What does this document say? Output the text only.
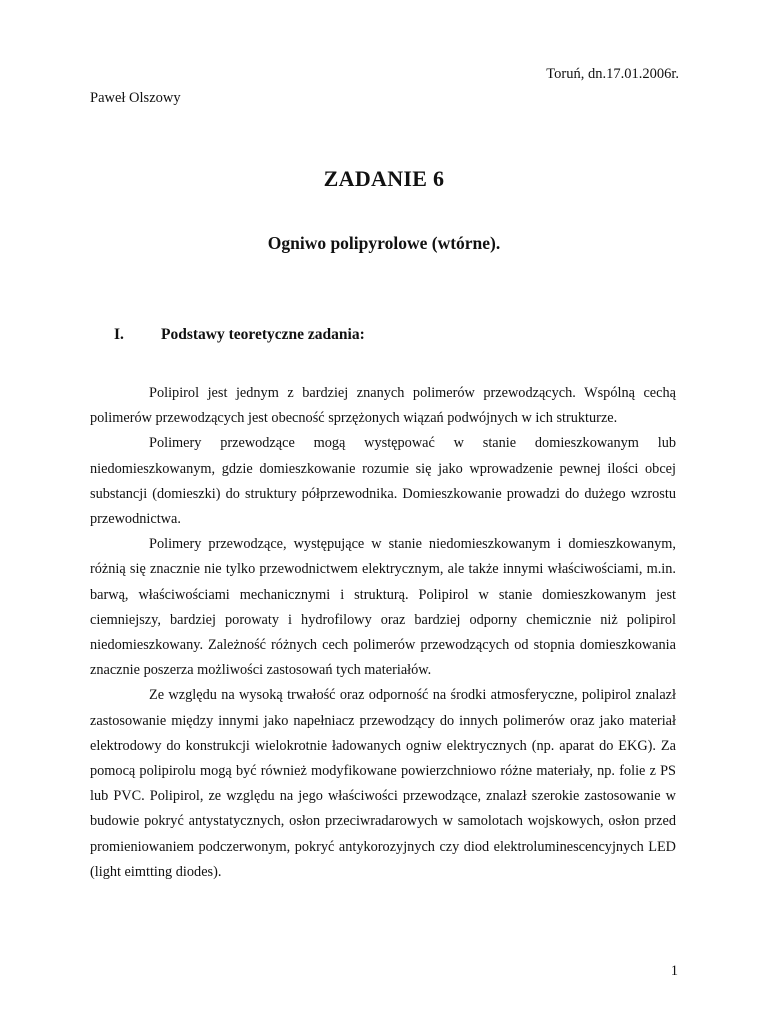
Toruń, dn.17.01.2006r.
Paweł Olszowy
ZADANIE 6
Ogniwo polipyrolowe (wtórne).
I. Podstawy teoretyczne zadania:

Polipirol jest jednym z bardziej znanych polimerów przewodzących. Wspólną cechą polimerów przewodzących jest obecność sprzężonych wiązań podwójnych w ich strukturze.

Polimery przewodzące mogą występować w stanie domieszkowanym lub niedomieszkowanym, gdzie domieszkowanie rozumie się jako wprowadzenie pewnej ilości obcej substancji (domieszki) do struktury półprzewodnika. Domieszkowanie prowadzi do dużego wzrostu przewodnictwa.

Polimery przewodzące, występujące w stanie niedomieszkowanym i domieszkowanym, różnią się znacznie nie tylko przewodnictwem elektrycznym, ale także innymi właściwościami, m.in. barwą, właściwościami mechanicznymi i strukturą. Polipirol w stanie domieszkowanym jest ciemniejszy, bardziej porowaty i hydrofilowy oraz bardziej odporny chemicznie niż polipirol niedomieszkowany. Zależność różnych cech polimerów przewodzących od stopnia domieszkowania znacznie poszerza możliwości zastosowań tych materiałów.

Ze względu na wysoką trwałość oraz odporność na środki atmosferyczne, polipirol znalazł zastosowanie między innymi jako napełniacz przewodzący do innych polimerów oraz jako materiał elektrodowy do konstrukcji wielokrotnie ładowanych ogniw elektrycznych (np. aparat do EKG). Za pomocą polipirolu mogą być również modyfikowane powierzchniowo różne materiały, np. folie z PS lub PVC. Polipirol, ze względu na jego właściwości przewodzące, znalazł szerokie zastosowanie w budowie pokryć antystatycznych, osłon przeciwradarowych w samolotach wojskowych, osłon przed promieniowaniem podczerwonym, pokryć antykorozyjnych czy diod elektroluminescencyjnych LED (light eimtting diodes).

1
